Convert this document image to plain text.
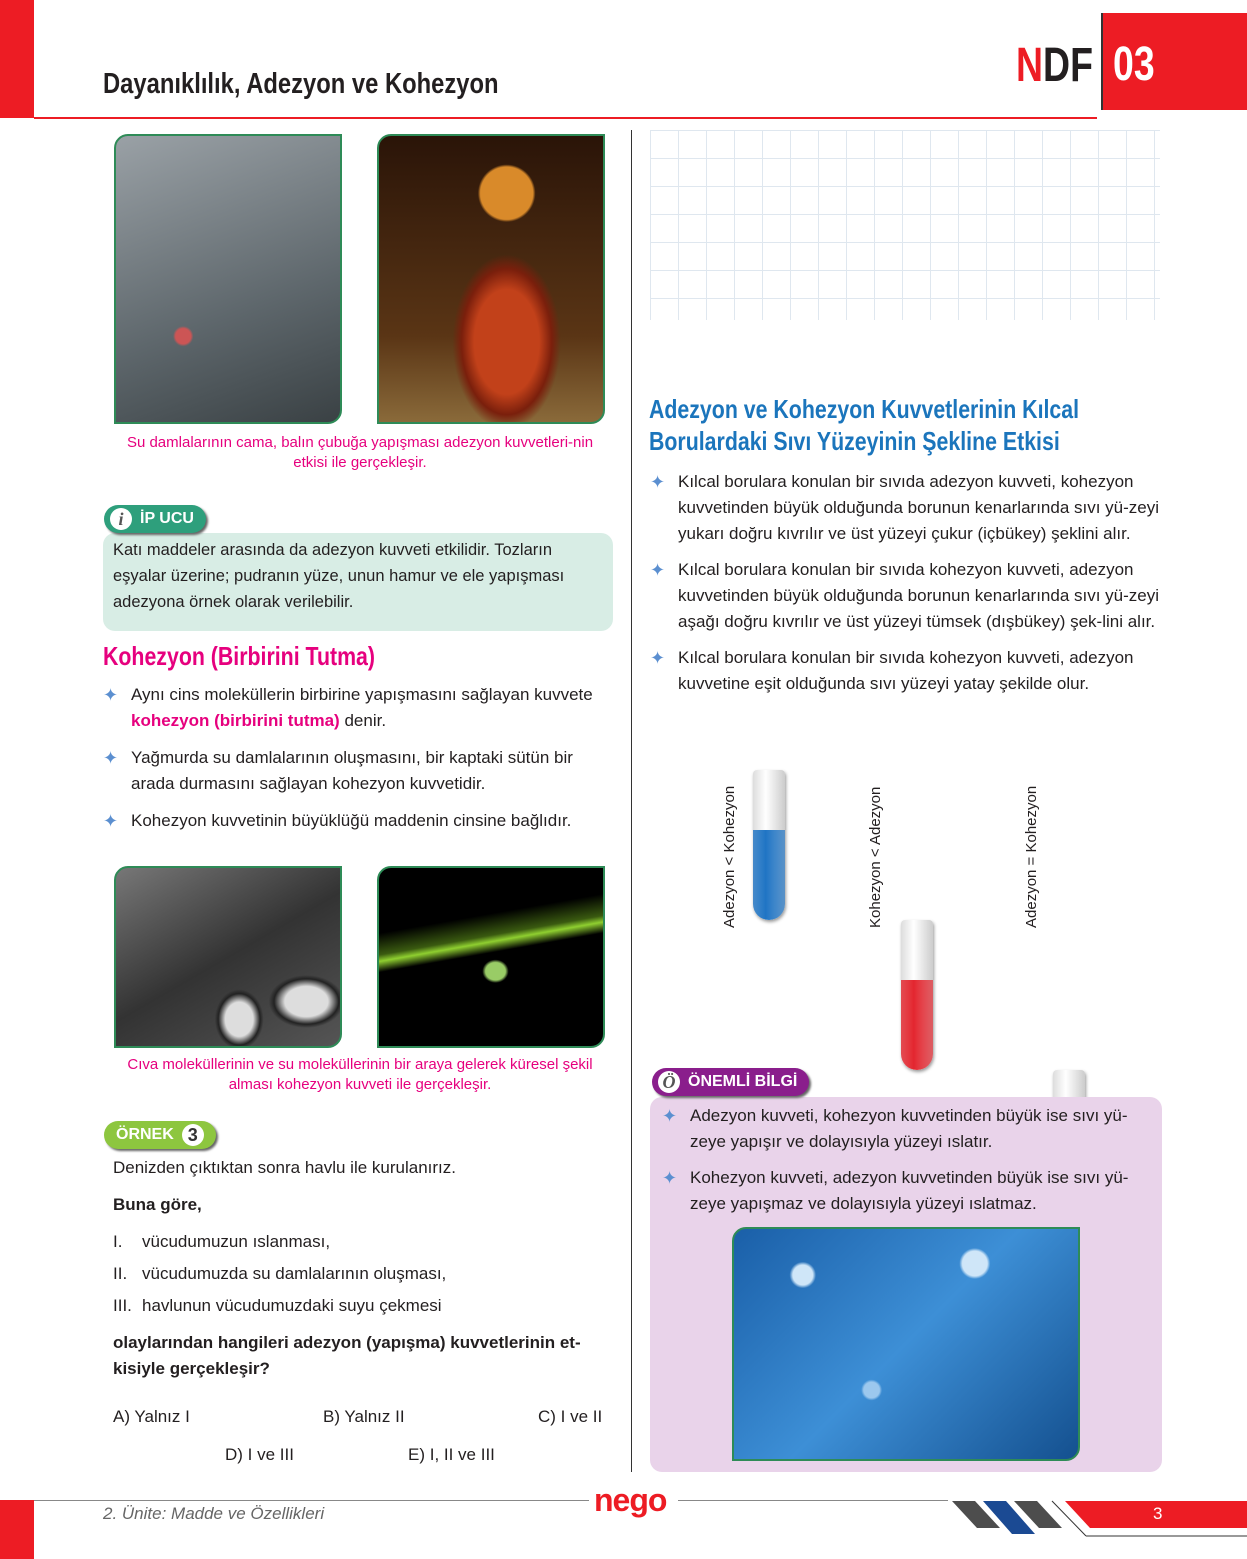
Dayanıklılık, Adezyon ve Kohezyon	NDF 03
Su damlalarının cama, balın çubuğa yapışması adezyon kuvvetleri-nin etkisi ile gerçekleşir.
Katı maddeler arasında da adezyon kuvveti etkilidir. Tozların eşyalar üzerine; pudranın yüze, unun hamur ve ele yapışması adezyona örnek olarak verilebilir.
i	İP UCU
Kohezyon (Birbirini Tutma)
✦ Aynı cins moleküllerin birbirine yapışmasını sağlayan kuvvete kohezyon (birbirini tutma) denir.
✦ Yağmurda su damlalarının oluşmasını, bir kaptaki sütün bir arada durmasını sağlayan kohezyon kuvvetidir.
✦ Kohezyon kuvvetinin büyüklüğü maddenin cinsine bağlıdır.
Cıva moleküllerinin ve su moleküllerinin bir araya gelerek küresel şekil alması kohezyon kuvveti ile gerçekleşir.
ÖRNEK 3
Denizden çıktıktan sonra havlu ile kurulanırız.
Buna göre,
I.	vücudumuzun ıslanması,
II. vücudumuzda su damlalarının oluşması,
III. havlunun vücudumuzdaki suyu çekmesi
olaylarından hangileri adezyon (yapışma) kuvvetlerinin et-kisiyle gerçekleşir?
A) Yalnız I	B) Yalnız II	C) I ve II
D) I ve III	E) I, II ve III
Adezyon ve Kohezyon Kuvvetlerinin Kılcal
Borulardaki Sıvı Yüzeyinin Şekline Etkisi
✦ Kılcal borulara konulan bir sıvıda adezyon kuvveti, kohezyon kuvvetinden büyük olduğunda borunun kenarlarında sıvı yü-zeyi yukarı doğru kıvrılır ve üst yüzeyi çukur (içbükey) şeklini alır.
✦ Kılcal borulara konulan bir sıvıda kohezyon kuvveti, adezyon kuvvetinden büyük olduğunda borunun kenarlarında sıvı yü-zeyi aşağı doğru kıvrılır ve üst yüzeyi tümsek (dışbükey) şek-lini alır.
✦ Kılcal borulara konulan bir sıvıda kohezyon kuvveti, adezyon kuvvetine eşit olduğunda sıvı yüzeyi yatay şekilde olur.
Adezyon < Kohezyon	Kohezyon < Adezyon	Adezyon = Kohezyon
✦ Adezyon kuvveti, kohezyon kuvvetinden büyük ise sıvı yü-zeye yapışır ve dolayısıyla yüzeyi ıslatır.
✦ Kohezyon kuvveti, adezyon kuvvetinden büyük ise sıvı yü-zeye yapışmaz ve dolayısıyla yüzeyi ıslatmaz.
Ö ÖNEMLİ BİLGİ
2. Ünite: Madde ve Özellikleri	nego	3
